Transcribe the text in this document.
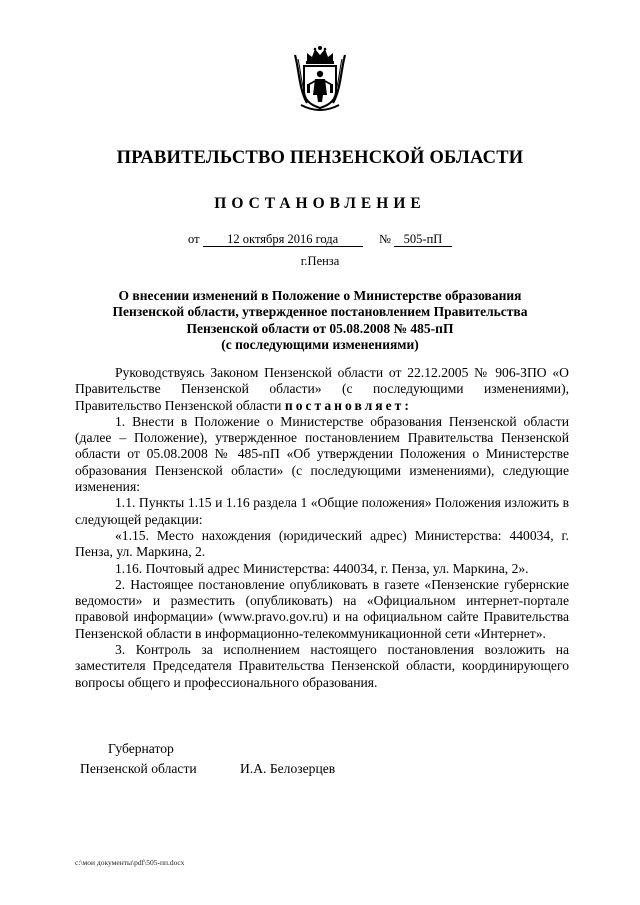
ПРАВИТЕЛЬСТВО ПЕНЗЕНСКОЙ ОБЛАСТИ
ПОСТАНОВЛЕНИЕ
от 12 октября 2016 года	№ 505-пП
г.Пенза
О внесении изменений в Положение о Министерстве образования
Пензенской области, утвержденное постановлением Правительства
Пензенской области от 05.08.2008 № 485-пП
(с последующими изменениями)

Руководствуясь Законом Пензенской области от 22.12.2005 № 906-ЗПО «О Правительстве Пензенской области» (с последующими изменениями), Правительство Пензенской области постановляет:

1. Внести в Положение о Министерстве образования Пензенской области (далее – Положение), утвержденное постановлением Правительства Пензенской области от 05.08.2008 № 485-пП «Об утверждении Положения о Министерстве образования Пензенской области» (с последующими изменениями), следующие изменения:

1.1. Пункты 1.15 и 1.16 раздела 1 «Общие положения» Положения изложить в следующей редакции:

«1.15. Место нахождения (юридический адрес) Министерства: 440034, г. Пенза, ул. Маркина, 2.

1.16. Почтовый адрес Министерства: 440034, г. Пенза, ул. Маркина, 2».

2. Настоящее постановление опубликовать в газете «Пензенские губернские ведомости» и разместить (опубликовать) на «Официальном интернет-портале правовой информации» (www.pravo.gov.ru) и на официальном сайте Правительства Пензенской области в информационно-телекоммуникационной сети «Интернет».

3. Контроль за исполнением настоящего постановления возложить на заместителя Председателя Правительства Пензенской области, координирующего вопросы общего и профессионального образования.

Губернатор
Пензенской области	И.А. Белозерцев
c:\мои документы\pdf\505-пп.docx
